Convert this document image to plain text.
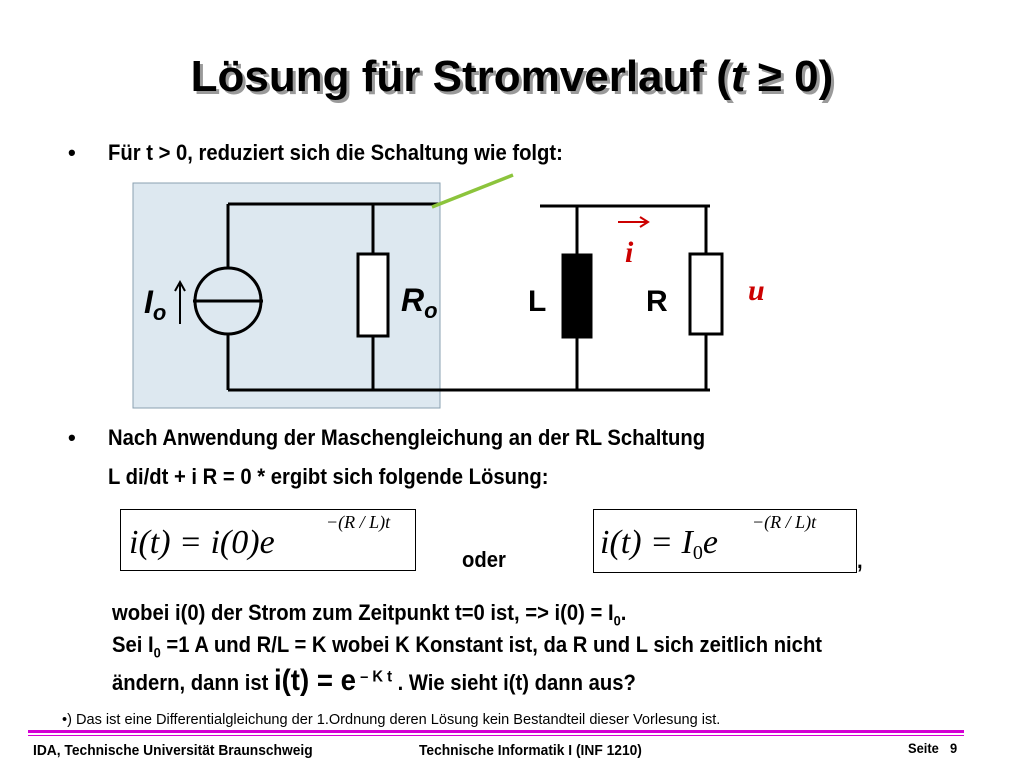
Lösung für Stromverlauf (t ≥ 0)
• Für t > 0, reduziert sich die Schaltung wie folgt:
$I_o$	$R_o$	L	R
i
u
• Nach Anwendung der Maschengleichung an der RL Schaltung
L di/dt + i R = 0 * ergibt sich folgende Lösung:
i(t) = i(0)e
−(R / L)t
oder	i(t) = I0e
−(R / L)t
,
wobei i(0) der Strom zum Zeitpunkt t=0 ist, => $i(0) = I_0$.
Sei $I_0 =1$ A und R/L = K wobei K Konstant ist, da R und L sich zeitlich nicht
ändern, dann ist i(t) = e $^{- K t}$ . Wie sieht i(t) dann aus?
•) Das ist eine Differentialgleichung der 1.Ordnung deren Lösung kein Bestandteil dieser Vorlesung ist.
IDA, Technische Universität Braunschweig	Technische Informatik I (INF 1210)	Seite 9
